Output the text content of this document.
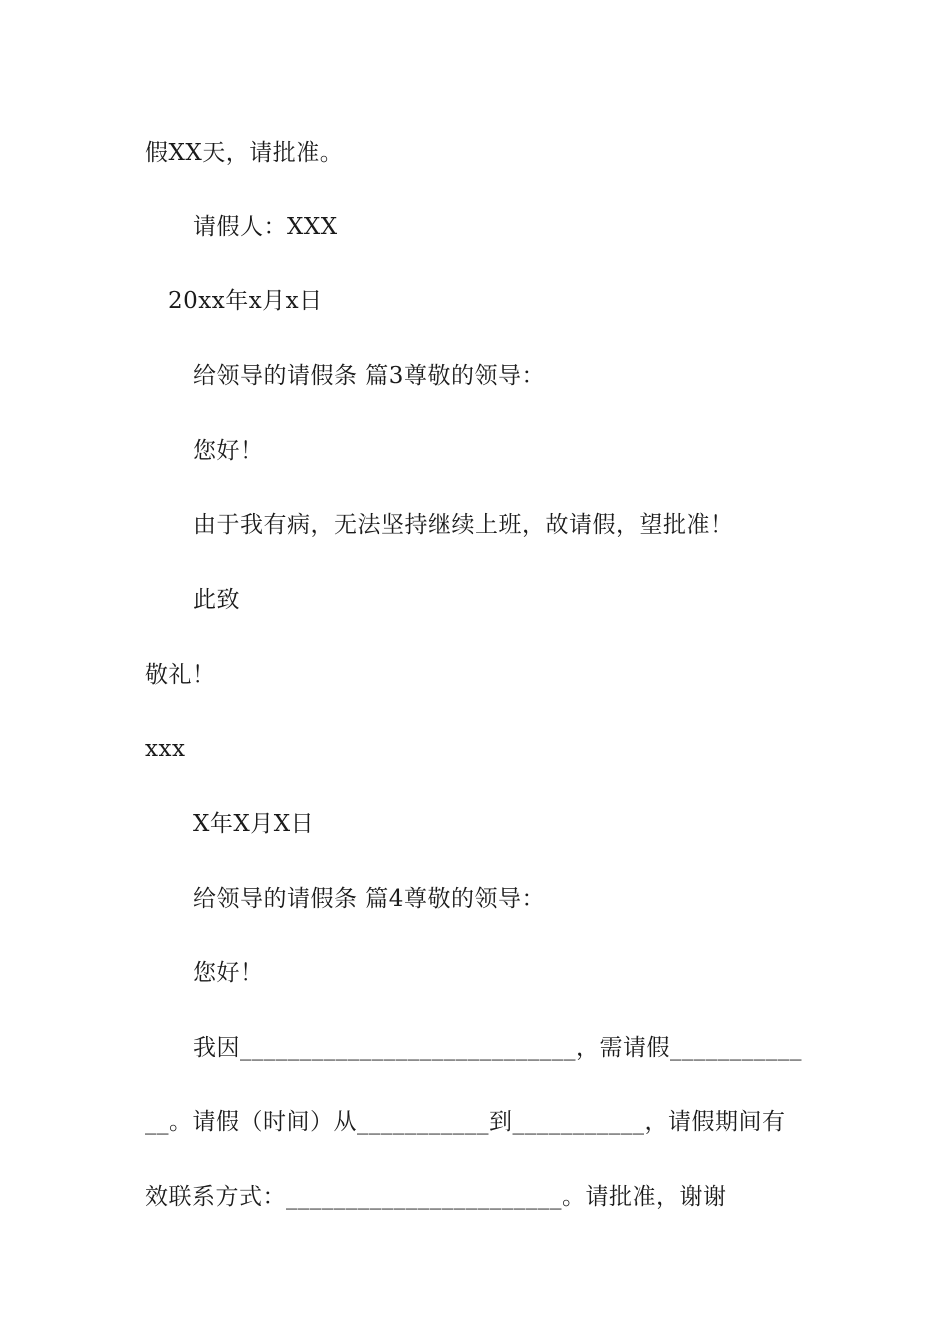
假XX天，请批准。
请假人：XXX
20xx年x月x日
给领导的请假条 篇3尊敬的领导：
您好！
由于我有病，无法坚持继续上班，故请假，望批准！
此致
敬礼！
xxx
X年X月X日
给领导的请假条 篇4尊敬的领导：
您好！
我因____________________________，需请假___________
__。请假（时间）从___________到___________，请假期间有
效联系方式：_______________________。请批准，谢谢
